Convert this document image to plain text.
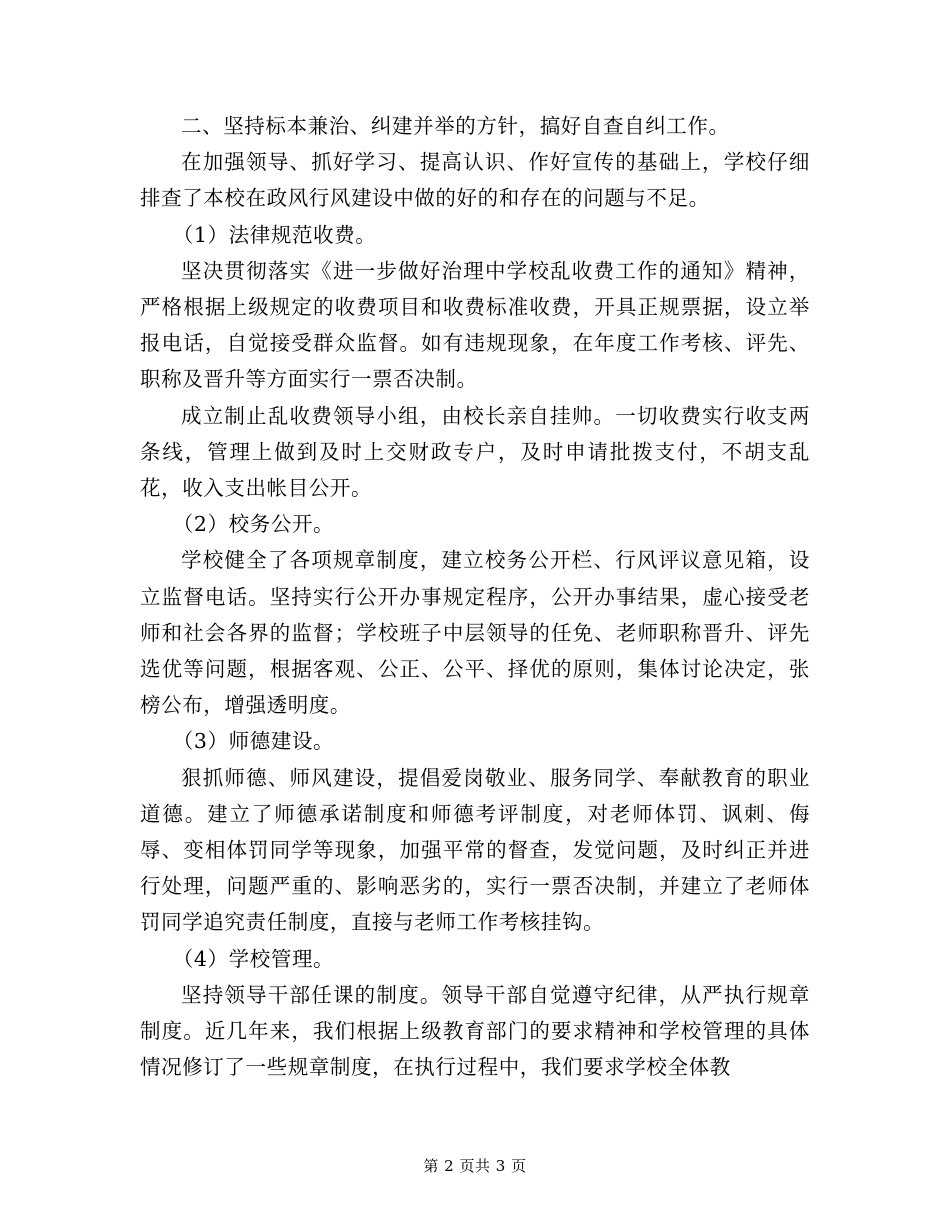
二、坚持标本兼治、纠建并举的方针，搞好自查自纠工作。

在加强领导、抓好学习、提高认识、作好宣传的基础上，学校仔细排查了本校在政风行风建设中做的好的和存在的问题与不足。

（1）法律规范收费。

坚决贯彻落实《进一步做好治理中学校乱收费工作的通知》精神，严格根据上级规定的收费项目和收费标准收费，开具正规票据，设立举报电话，自觉接受群众监督。如有违规现象，在年度工作考核、评先、职称及晋升等方面实行一票否决制。

成立制止乱收费领导小组，由校长亲自挂帅。一切收费实行收支两条线，管理上做到及时上交财政专户，及时申请批拨支付，不胡支乱花，收入支出帐目公开。

（2）校务公开。

学校健全了各项规章制度，建立校务公开栏、行风评议意见箱，设立监督电话。坚持实行公开办事规定程序，公开办事结果，虚心接受老师和社会各界的监督；学校班子中层领导的任免、老师职称晋升、评先选优等问题，根据客观、公正、公平、择优的原则，集体讨论决定，张榜公布，增强透明度。

（3）师德建设。

狠抓师德、师风建设，提倡爱岗敬业、服务同学、奉献教育的职业道德。建立了师德承诺制度和师德考评制度，对老师体罚、讽刺、侮辱、变相体罚同学等现象，加强平常的督查，发觉问题，及时纠正并进行处理，问题严重的、影响恶劣的，实行一票否决制，并建立了老师体罚同学追究责任制度，直接与老师工作考核挂钩。

（4）学校管理。

坚持领导干部任课的制度。领导干部自觉遵守纪律，从严执行规章制度。近几年来，我们根据上级教育部门的要求精神和学校管理的具体情况修订了一些规章制度，在执行过程中，我们要求学校全体教

第 2 页共 3 页
